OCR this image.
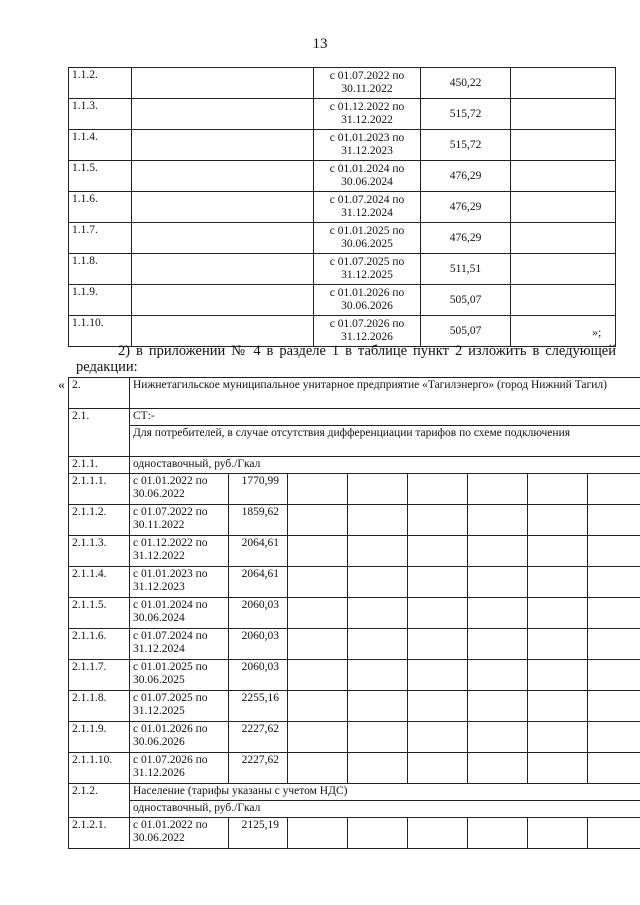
13
1.1.2.		с 01.07.2022 по 30.11.2022	450,22	
1.1.3.		с 01.12.2022 по 31.12.2022	515,72	
1.1.4.		с 01.01.2023 по 31.12.2023	515,72	
1.1.5.		с 01.01.2024 по 30.06.2024	476,29	
1.1.6.		с 01.07.2024 по 31.12.2024	476,29	
1.1.7.		с 01.01.2025 по 30.06.2025	476,29	
1.1.8.		с 01.07.2025 по 31.12.2025	511,51	
1.1.9.		с 01.01.2026 по 30.06.2026	505,07	
1.1.10.		с 01.07.2026 по 31.12.2026	505,07		»;
2) в приложении № 4 в разделе 1 в таблице пункт 2 изложить в следующей
редакции:
« 2.	Нижнетагильское муниципальное унитарное предприятие «Тагилэнерго» (город Нижний Тагил)							
2.1.	СТ:-							
	Для потребителей, в случае отсутствия дифференциации тарифов по схеме подключения							
2.1.1.	одноставочный, руб./Гкал							
2.1.1.1.	с 01.01.2022 по 30.06.2022	1770,99						
2.1.1.2.	с 01.07.2022 по 30.11.2022	1859,62						
2.1.1.3.	с 01.12.2022 по 31.12.2022	2064,61						
2.1.1.4.	с 01.01.2023 по 31.12.2023	2064,61						
2.1.1.5.	с 01.01.2024 по 30.06.2024	2060,03						
2.1.1.6.	с 01.07.2024 по 31.12.2024	2060,03						
2.1.1.7.	с 01.01.2025 по 30.06.2025	2060,03						
2.1.1.8.	с 01.07.2025 по 31.12.2025	2255,16						
2.1.1.9.	с 01.01.2026 по 30.06.2026	2227,62						
2.1.1.10.	с 01.07.2026 по 31.12.2026	2227,62						
2.1.2.	Население (тарифы указаны с учетом НДС)							
	одноставочный, руб./Гкал							
2.1.2.1.	с 01.01.2022 по 30.06.2022	2125,19						
